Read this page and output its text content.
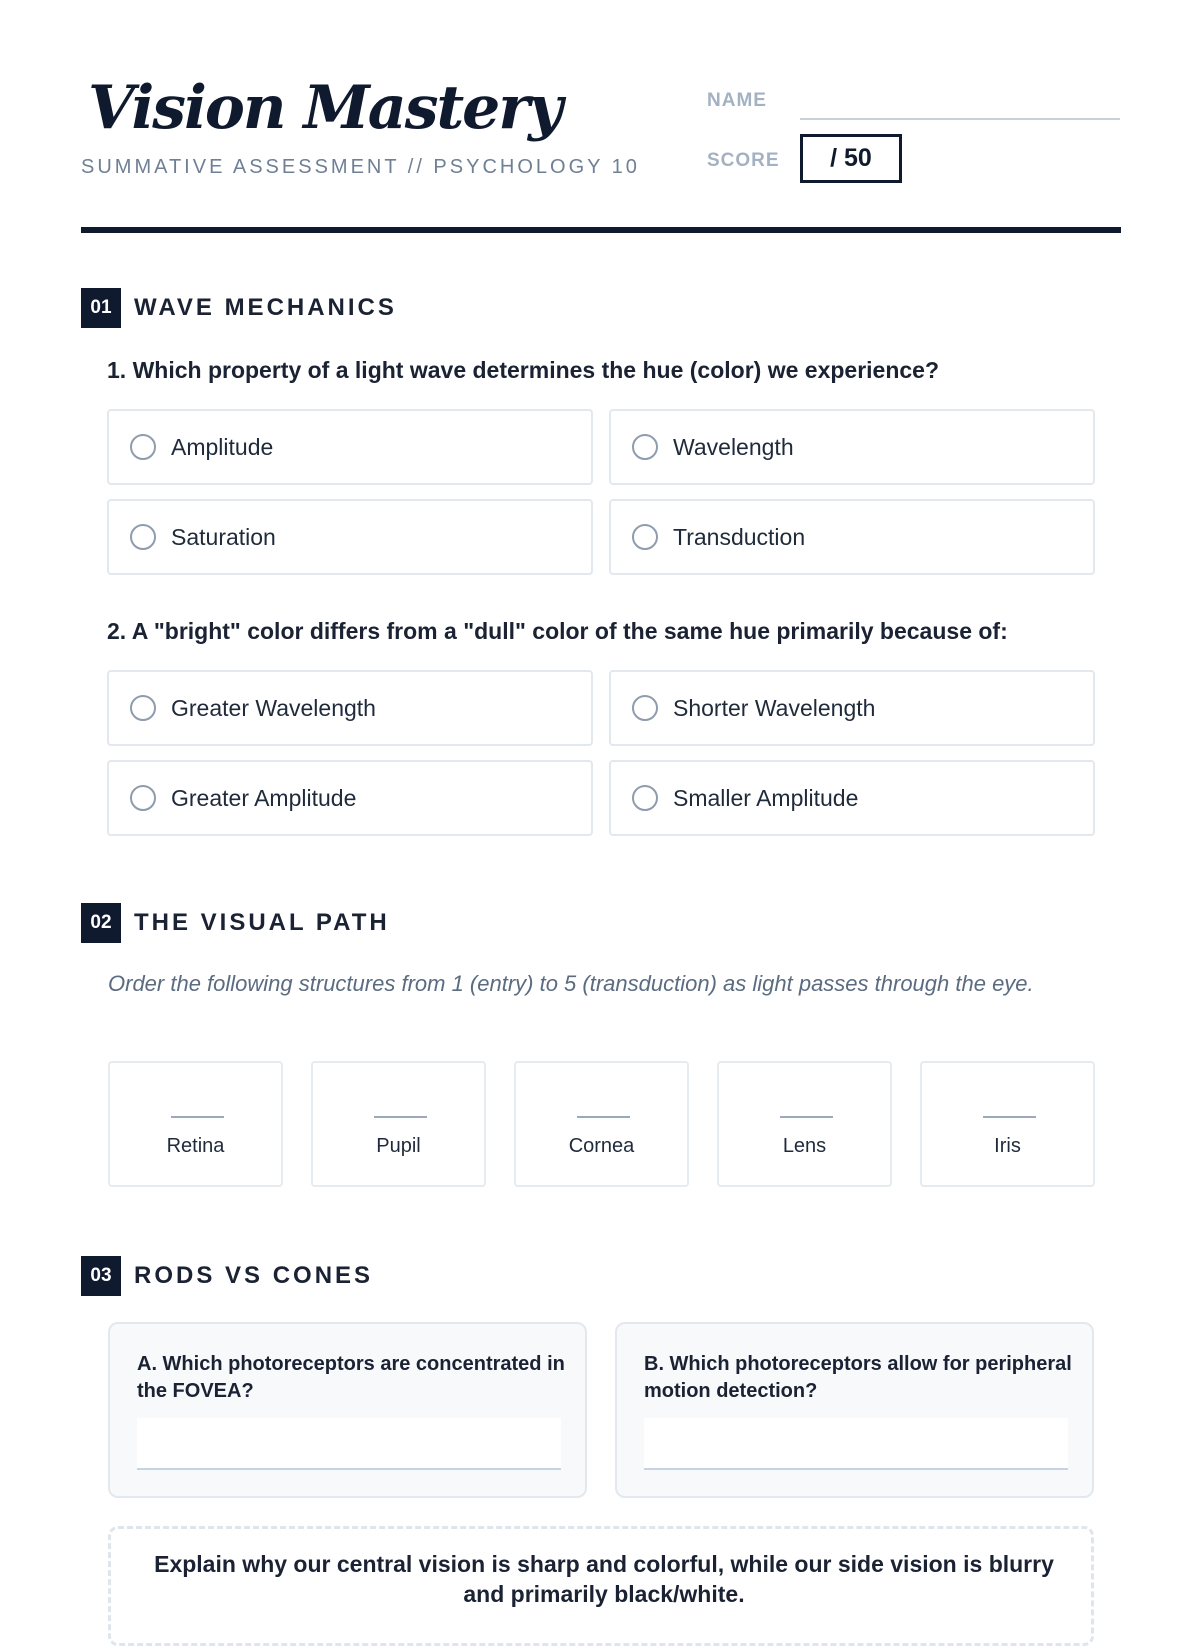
Vision Mastery
SUMMATIVE ASSESSMENT // PSYCHOLOGY 10
NAME
SCORE / 50
01 WAVE MECHANICS
1. Which property of a light wave determines the hue (color) we experience?
Amplitude	Wavelength
Saturation	Transduction
2. A "bright" color differs from a "dull" color of the same hue primarily because of:
Greater Wavelength	Shorter Wavelength
Greater Amplitude	Smaller Amplitude
02 THE VISUAL PATH
Order the following structures from 1 (entry) to 5 (transduction) as light passes through the eye.
Retina	Pupil	Cornea	Lens	Iris
03 RODS VS CONES
A. Which photoreceptors are concentrated in the FOVEA?
B. Which photoreceptors allow for peripheral motion detection?
Explain why our central vision is sharp and colorful, while our side vision is blurry and primarily black/white.
